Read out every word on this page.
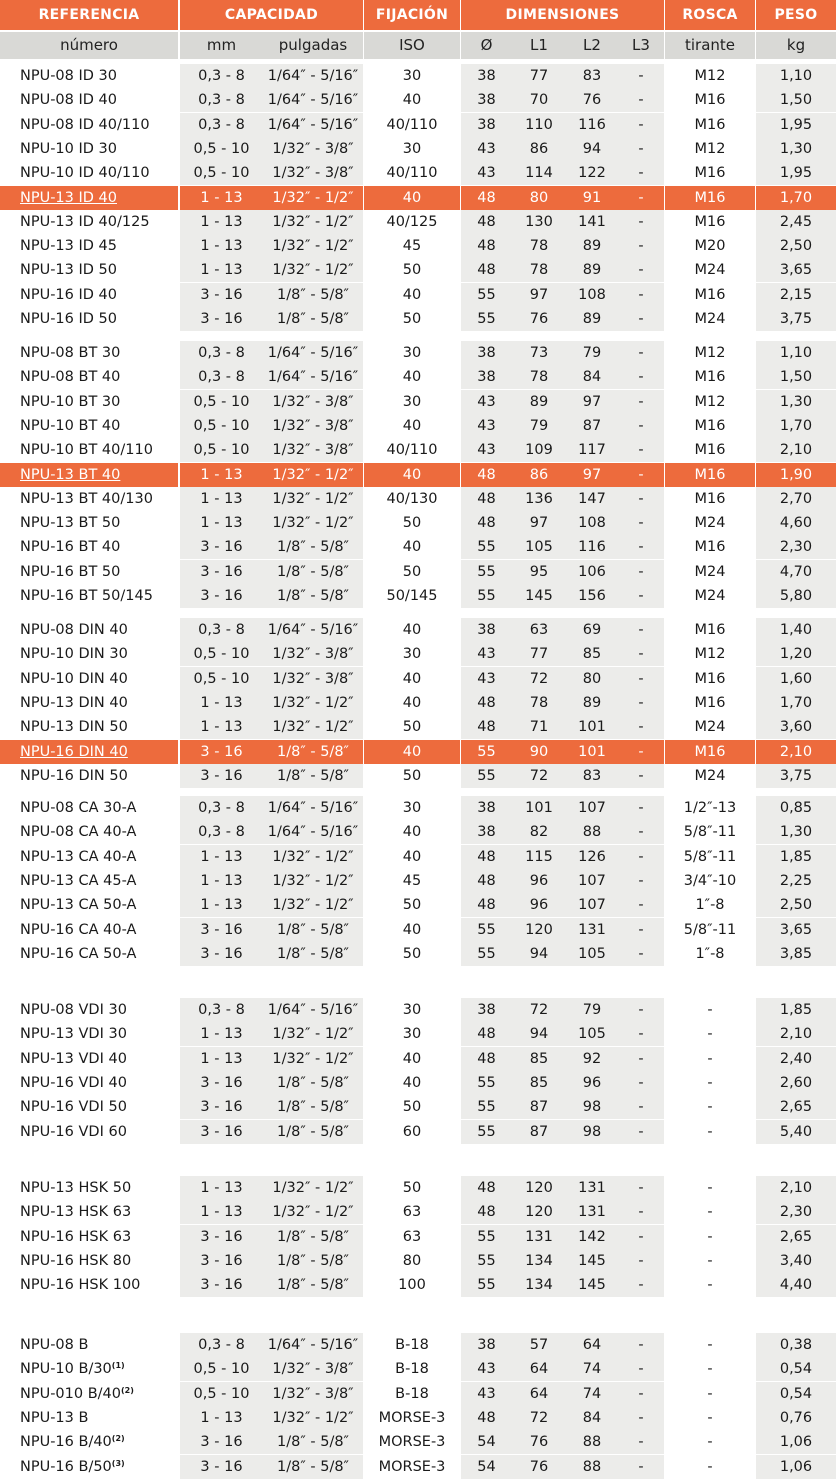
REFERENCIA	CAPACIDAD	FIJACIÓN	DIMENSIONES	ROSCA	PESO
número	mm	pulgadas	ISO	Ø	L1	L2	L3	tirante	kg
NPU-08 ID 30	0,3 - 8	1/64″ - 5/16″	30	38	77	83	-	M12	1,10
NPU-08 ID 40	0,3 - 8	1/64″ - 5/16″	40	38	70	76	-	M16	1,50
NPU-08 ID 40/110	0,3 - 8	1/64″ - 5/16″	40/110	38	110	116	-	M16	1,95
NPU-10 ID 30	0,5 - 10	1/32″ - 3/8″	30	43	86	94	-	M12	1,30
NPU-10 ID 40/110	0,5 - 10	1/32″ - 3/8″	40/110	43	114	122	-	M16	1,95
NPU-13 ID 40	1 - 13	1/32″ - 1/2″	40	48	80	91	-	M16	1,70
NPU-13 ID 40/125	1 - 13	1/32″ - 1/2″	40/125	48	130	141	-	M16	2,45
NPU-13 ID 45	1 - 13	1/32″ - 1/2″	45	48	78	89	-	M20	2,50
NPU-13 ID 50	1 - 13	1/32″ - 1/2″	50	48	78	89	-	M24	3,65
NPU-16 ID 40	3 - 16	1/8″ - 5/8″	40	55	97	108	-	M16	2,15
NPU-16 ID 50	3 - 16	1/8″ - 5/8″	50	55	76	89	-	M24	3,75
NPU-08 BT 30	0,3 - 8	1/64″ - 5/16″	30	38	73	79	-	M12	1,10
NPU-08 BT 40	0,3 - 8	1/64″ - 5/16″	40	38	78	84	-	M16	1,50
NPU-10 BT 30	0,5 - 10	1/32″ - 3/8″	30	43	89	97	-	M12	1,30
NPU-10 BT 40	0,5 - 10	1/32″ - 3/8″	40	43	79	87	-	M16	1,70
NPU-10 BT 40/110	0,5 - 10	1/32″ - 3/8″	40/110	43	109	117	-	M16	2,10
NPU-13 BT 40	1 - 13	1/32″ - 1/2″	40	48	86	97	-	M16	1,90
NPU-13 BT 40/130	1 - 13	1/32″ - 1/2″	40/130	48	136	147	-	M16	2,70
NPU-13 BT 50	1 - 13	1/32″ - 1/2″	50	48	97	108	-	M24	4,60
NPU-16 BT 40	3 - 16	1/8″ - 5/8″	40	55	105	116	-	M16	2,30
NPU-16 BT 50	3 - 16	1/8″ - 5/8″	50	55	95	106	-	M24	4,70
NPU-16 BT 50/145	3 - 16	1/8″ - 5/8″	50/145	55	145	156	-	M24	5,80
NPU-08 DIN 40	0,3 - 8	1/64″ - 5/16″	40	38	63	69	-	M16	1,40
NPU-10 DIN 30	0,5 - 10	1/32″ - 3/8″	30	43	77	85	-	M12	1,20
NPU-10 DIN 40	0,5 - 10	1/32″ - 3/8″	40	43	72	80	-	M16	1,60
NPU-13 DIN 40	1 - 13	1/32″ - 1/2″	40	48	78	89	-	M16	1,70
NPU-13 DIN 50	1 - 13	1/32″ - 1/2″	50	48	71	101	-	M24	3,60
NPU-16 DIN 40	3 - 16	1/8″ - 5/8″	40	55	90	101	-	M16	2,10
NPU-16 DIN 50	3 - 16	1/8″ - 5/8″	50	55	72	83	-	M24	3,75
NPU-08 CA 30-A	0,3 - 8	1/64″ - 5/16″	30	38	101	107	-	1/2″-13	0,85
NPU-08 CA 40-A	0,3 - 8	1/64″ - 5/16″	40	38	82	88	-	5/8″-11	1,30
NPU-13 CA 40-A	1 - 13	1/32″ - 1/2″	40	48	115	126	-	5/8″-11	1,85
NPU-13 CA 45-A	1 - 13	1/32″ - 1/2″	45	48	96	107	-	3/4″-10	2,25
NPU-13 CA 50-A	1 - 13	1/32″ - 1/2″	50	48	96	107	-	1″-8	2,50
NPU-16 CA 40-A	3 - 16	1/8″ - 5/8″	40	55	120	131	-	5/8″-11	3,65
NPU-16 CA 50-A	3 - 16	1/8″ - 5/8″	50	55	94	105	-	1″-8	3,85
NPU-08 VDI 30	0,3 - 8	1/64″ - 5/16″	30	38	72	79	-	-	1,85
NPU-13 VDI 30	1 - 13	1/32″ - 1/2″	30	48	94	105	-	-	2,10
NPU-13 VDI 40	1 - 13	1/32″ - 1/2″	40	48	85	92	-	-	2,40
NPU-16 VDI 40	3 - 16	1/8″ - 5/8″	40	55	85	96	-	-	2,60
NPU-16 VDI 50	3 - 16	1/8″ - 5/8″	50	55	87	98	-	-	2,65
NPU-16 VDI 60	3 - 16	1/8″ - 5/8″	60	55	87	98	-	-	5,40
NPU-13 HSK 50	1 - 13	1/32″ - 1/2″	50	48	120	131	-	-	2,10
NPU-13 HSK 63	1 - 13	1/32″ - 1/2″	63	48	120	131	-	-	2,30
NPU-16 HSK 63	3 - 16	1/8″ - 5/8″	63	55	131	142	-	-	2,65
NPU-16 HSK 80	3 - 16	1/8″ - 5/8″	80	55	134	145	-	-	3,40
NPU-16 HSK 100	3 - 16	1/8″ - 5/8″	100	55	134	145	-	-	4,40
NPU-08 B	0,3 - 8	1/64″ - 5/16″	B-18	38	57	64	-	-	0,38
NPU-10 B/30$^{(1)}$	0,5 - 10	1/32″ - 3/8″	B-18	43	64	74	-	-	0,54
NPU-010 B/40$^{(2)}$	0,5 - 10	1/32″ - 3/8″	B-18	43	64	74	-	-	0,54
NPU-13 B	1 - 13	1/32″ - 1/2″	MORSE-3	48	72	84	-	-	0,76
NPU-16 B/40$^{(2)}$	3 - 16	1/8″ - 5/8″	MORSE-3	54	76	88	-	-	1,06
NPU-16 B/50$^{(3)}$	3 - 16	1/8″ - 5/8″	MORSE-3	54	76	88	-	-	1,06
